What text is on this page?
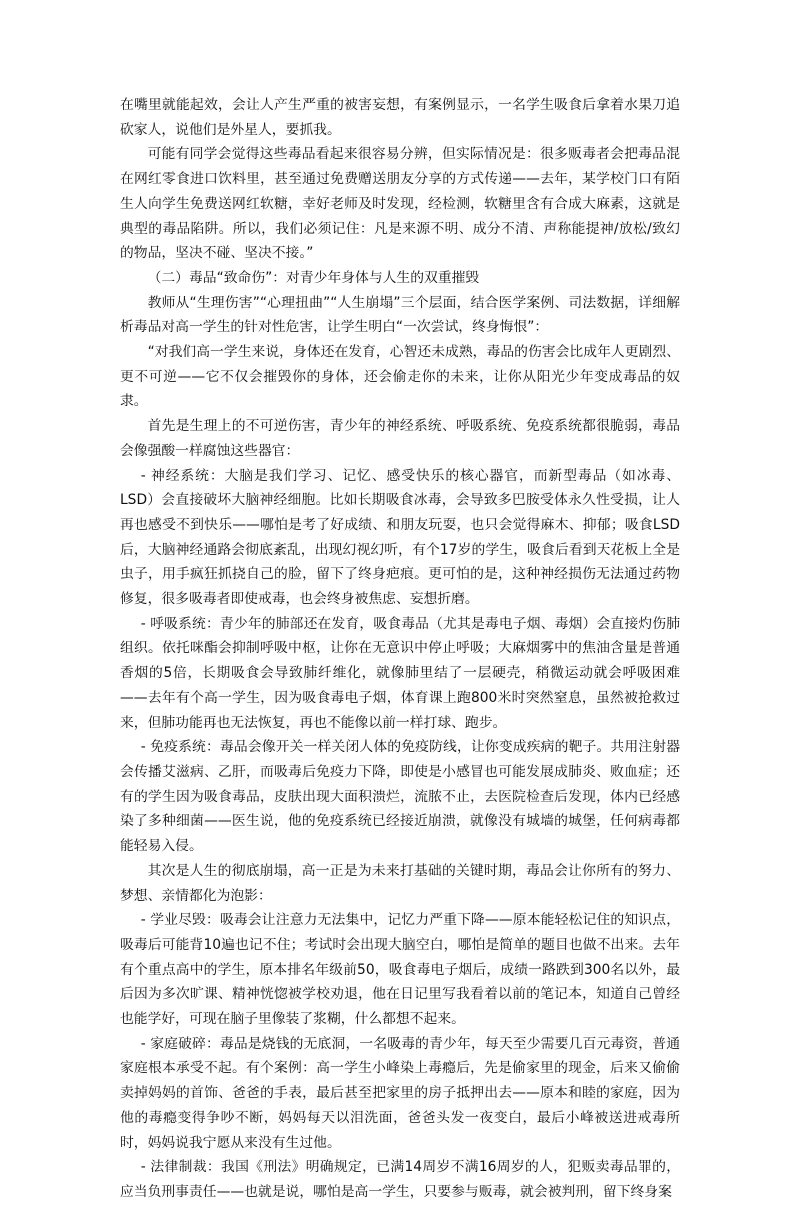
在嘴里就能起效，会让人产生严重的被害妄想，有案例显示，一名学生吸食后拿着水果刀追砍家人，说他们是外星人，要抓我。

可能有同学会觉得这些毒品看起来很容易分辨，但实际情况是：很多贩毒者会把毒品混在网红零食进口饮料里，甚至通过免费赠送朋友分享的方式传递——去年，某学校门口有陌生人向学生免费送网红软糖，幸好老师及时发现，经检测，软糖里含有合成大麻素，这就是典型的毒品陷阱。所以，我们必须记住：凡是来源不明、成分不清、声称能提神/放松/致幻的物品，坚决不碰、坚决不接。”

（二）毒品“致命伤”：对青少年身体与人生的双重摧毁

教师从“生理伤害”“心理扭曲”“人生崩塌”三个层面，结合医学案例、司法数据，详细解析毒品对高一学生的针对性危害，让学生明白“一次尝试，终身悔恨”：

“对我们高一学生来说，身体还在发育，心智还未成熟，毒品的伤害会比成年人更剧烈、更不可逆——它不仅会摧毁你的身体，还会偷走你的未来，让你从阳光少年变成毒品的奴隶。

首先是生理上的不可逆伤害，青少年的神经系统、呼吸系统、免疫系统都很脆弱，毒品会像强酸一样腐蚀这些器官：

- 神经系统：大脑是我们学习、记忆、感受快乐的核心器官，而新型毒品（如冰毒、LSD）会直接破坏大脑神经细胞。比如长期吸食冰毒，会导致多巴胺受体永久性受损，让人再也感受不到快乐——哪怕是考了好成绩、和朋友玩耍，也只会觉得麻木、抑郁；吸食LSD后，大脑神经通路会彻底紊乱，出现幻视幻听，有个17岁的学生，吸食后看到天花板上全是虫子，用手疯狂抓挠自己的脸，留下了终身疤痕。更可怕的是，这种神经损伤无法通过药物修复，很多吸毒者即使戒毒，也会终身被焦虑、妄想折磨。

- 呼吸系统：青少年的肺部还在发育，吸食毒品（尤其是毒电子烟、毒烟）会直接灼伤肺组织。依托咪酯会抑制呼吸中枢，让你在无意识中停止呼吸；大麻烟雾中的焦油含量是普通香烟的5倍，长期吸食会导致肺纤维化，就像肺里结了一层硬壳，稍微运动就会呼吸困难——去年有个高一学生，因为吸食毒电子烟，体育课上跑800米时突然窒息，虽然被抢救过来，但肺功能再也无法恢复，再也不能像以前一样打球、跑步。

- 免疫系统：毒品会像开关一样关闭人体的免疫防线，让你变成疾病的靶子。共用注射器会传播艾滋病、乙肝，而吸毒后免疫力下降，即使是小感冒也可能发展成肺炎、败血症；还有的学生因为吸食毒品，皮肤出现大面积溃烂，流脓不止，去医院检查后发现，体内已经感染了多种细菌——医生说，他的免疫系统已经接近崩溃，就像没有城墙的城堡，任何病毒都能轻易入侵。

其次是人生的彻底崩塌，高一正是为未来打基础的关键时期，毒品会让你所有的努力、梦想、亲情都化为泡影：

- 学业尽毁：吸毒会让注意力无法集中，记忆力严重下降——原本能轻松记住的知识点，吸毒后可能背10遍也记不住；考试时会出现大脑空白，哪怕是简单的题目也做不出来。去年有个重点高中的学生，原本排名年级前50，吸食毒电子烟后，成绩一路跌到300名以外，最后因为多次旷课、精神恍惚被学校劝退，他在日记里写我看着以前的笔记本，知道自己曾经也能学好，可现在脑子里像装了浆糊，什么都想不起来。

- 家庭破碎：毒品是烧钱的无底洞，一名吸毒的青少年，每天至少需要几百元毒资，普通家庭根本承受不起。有个案例：高一学生小峰染上毒瘾后，先是偷家里的现金，后来又偷偷卖掉妈妈的首饰、爸爸的手表，最后甚至把家里的房子抵押出去——原本和睦的家庭，因为他的毒瘾变得争吵不断，妈妈每天以泪洗面，爸爸头发一夜变白，最后小峰被送进戒毒所时，妈妈说我宁愿从来没有生过他。

- 法律制裁：我国《刑法》明确规定，已满14周岁不满16周岁的人，犯贩卖毒品罪的，应当负刑事责任——也就是说，哪怕是高一学生，只要参与贩毒，就会被判刑，留下终身案
